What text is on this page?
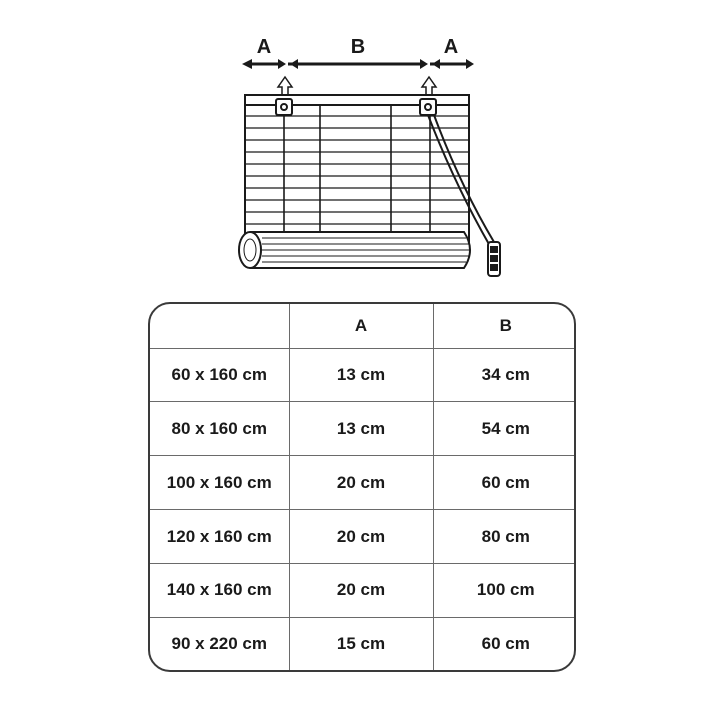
A	B	A
	A	B
60 x 160 cm	13 cm	34 cm
80 x 160 cm	13 cm	54 cm
100 x 160 cm	20 cm	60 cm
120 x 160 cm	20 cm	80 cm
140 x 160 cm	20 cm	100 cm
90 x 220 cm	15 cm	60 cm
